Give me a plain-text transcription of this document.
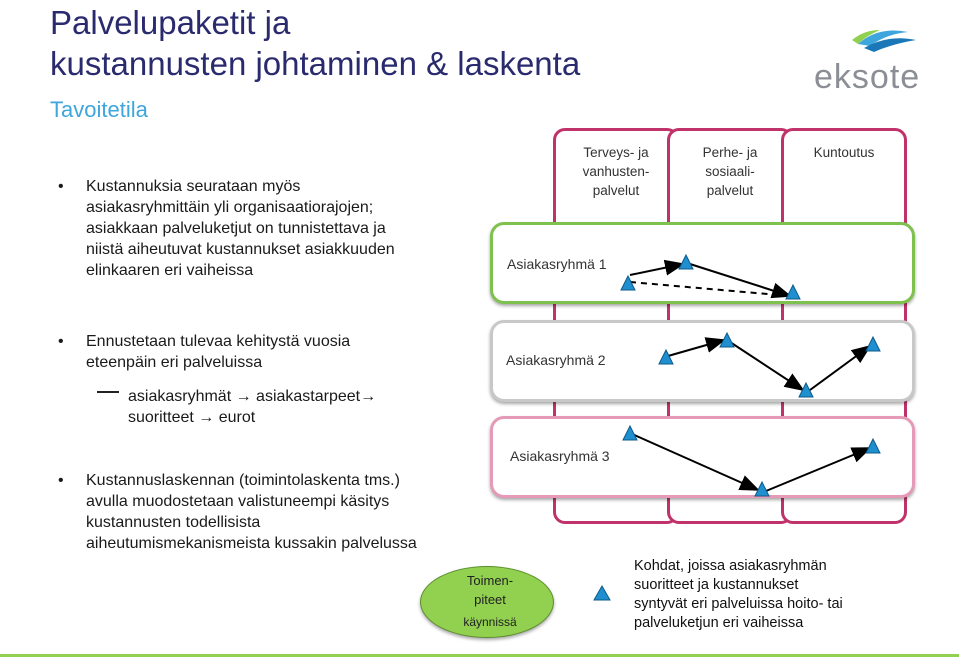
Palvelupaketit ja
kustannusten johtaminen & laskenta
Tavoitetila
eksote
• Kustannuksia seurataan myös
asiakasryhmittäin yli organisaatiorajojen;
asiakkaan palveluketjut on tunnistettava ja
niistä aiheutuvat kustannukset asiakkuuden
elinkaaren eri vaiheissa
• Ennustetaan tulevaa kehitystä vuosia
eteenpäin eri palveluissa
asiakasryhmät → asiakastarpeet→
suoritteet → eurot
• Kustannuslaskennan (toimintolaskenta tms.)
avulla muodostetaan valistuneempi käsitys
kustannusten todellisista
aiheutumismekanismeista kussakin palvelussa
Terveys- ja
vanhusten-
palvelut
Perhe- ja
sosiaali-
palvelut
Kuntoutus
Asiakasryhmä 1
Asiakasryhmä 2
Asiakasryhmä 3
Toimen-
piteet
käynnissä
Kohdat, joissa asiakasryhmän
suoritteet ja kustannukset
syntyvät eri palveluissa hoito- tai
palveluketjun eri vaiheissa
